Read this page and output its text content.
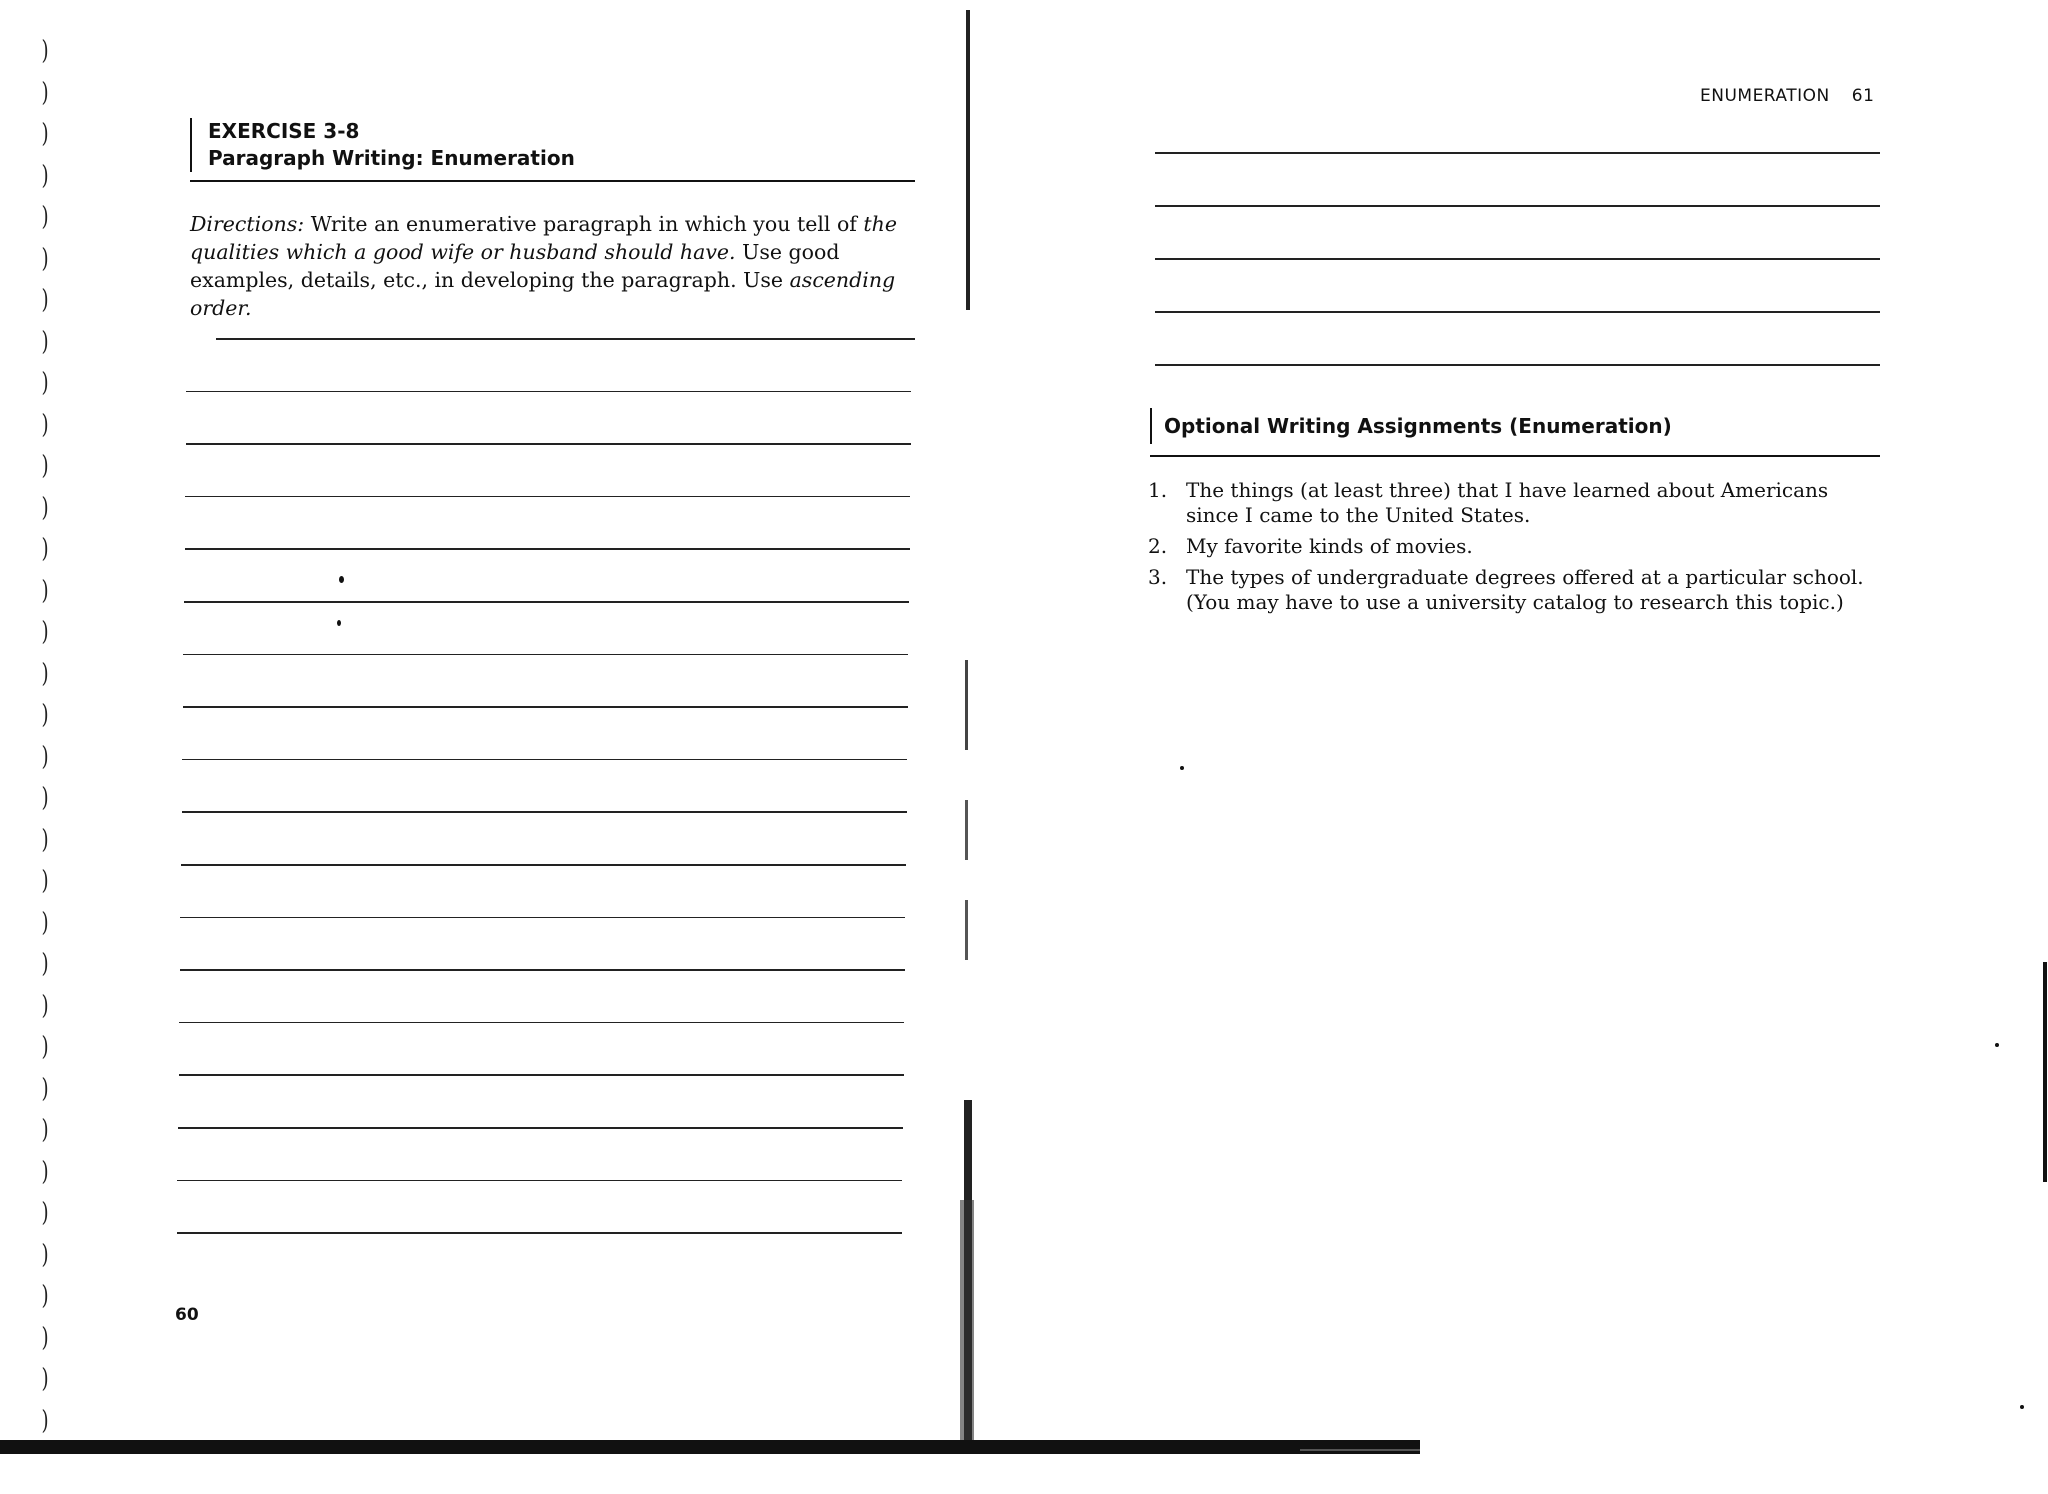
)
)
)
)
)
)
)
)
)
)
)
)
)
)
)
)
)
)
)
)
)
)
)
)
)
)
)
)
)
)
)
)
)
)
EXERCISE 3-8
Paragraph Writing: Enumeration

Directions: Write an enumerative paragraph in which you tell of the qualities which a good wife or husband should have. Use good examples, details, etc., in developing the paragraph. Use ascending order.

60
ENUMERATION 61
Optional Writing Assignments (Enumeration)
1. The things (at least three) that I have learned about Americans since I came to the United States.
2. My favorite kinds of movies.
3. The types of undergraduate degrees offered at a particular school. (You may have to use a university catalog to research this topic.)
